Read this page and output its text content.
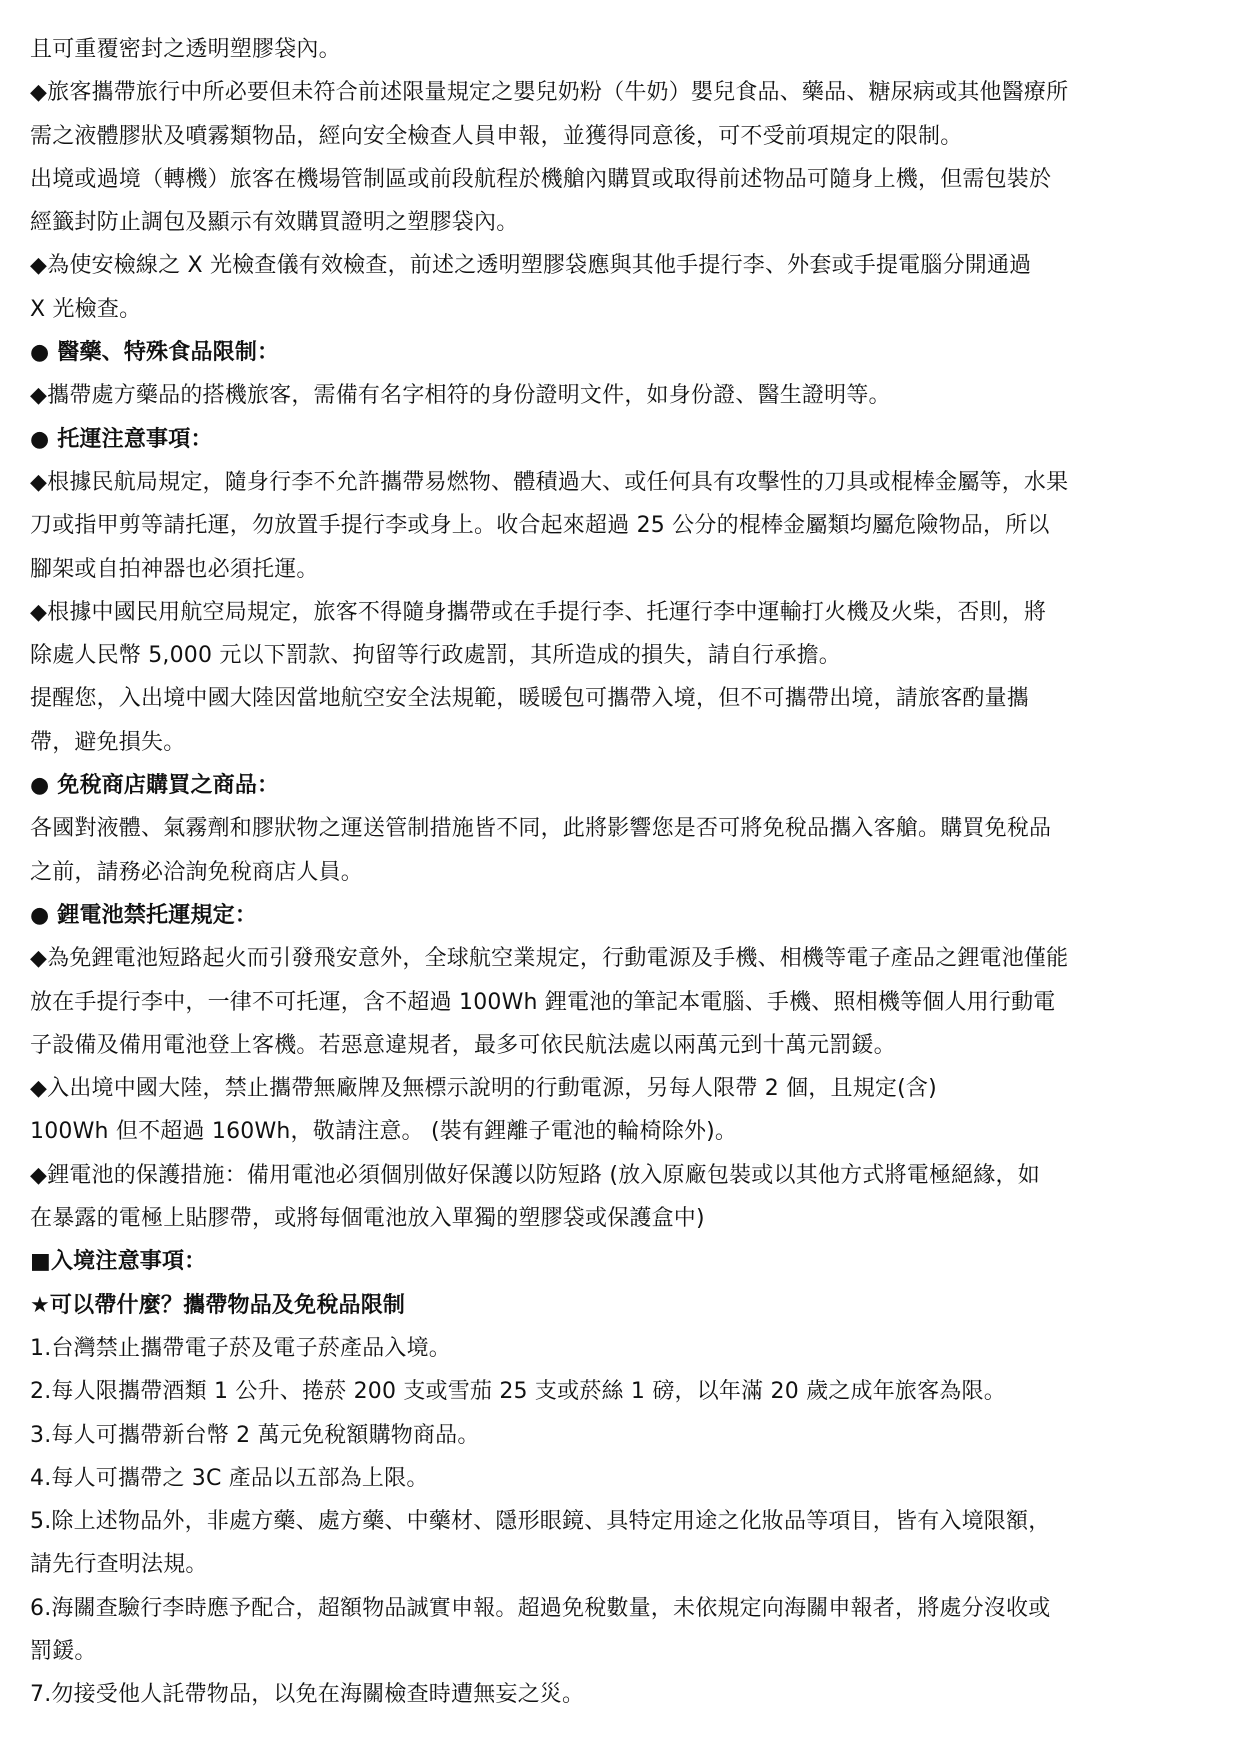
且可重覆密封之透明塑膠袋內。
◆旅客攜帶旅行中所必要但未符合前述限量規定之嬰兒奶粉（牛奶）嬰兒食品、藥品、糖尿病或其他醫療所
需之液體膠狀及噴霧類物品，經向安全檢查人員申報，並獲得同意後，可不受前項規定的限制。
出境或過境（轉機）旅客在機場管制區或前段航程於機艙內購買或取得前述物品可隨身上機，但需包裝於
經籤封防止調包及顯示有效購買證明之塑膠袋內。
◆為使安檢線之 X 光檢查儀有效檢查，前述之透明塑膠袋應與其他手提行李、外套或手提電腦分開通過
X 光檢查。
● 醫藥、特殊食品限制：
◆攜帶處方藥品的搭機旅客，需備有名字相符的身份證明文件，如身份證、醫生證明等。
● 托運注意事項：
◆根據民航局規定，隨身行李不允許攜帶易燃物、體積過大、或任何具有攻擊性的刀具或棍棒金屬等，水果
刀或指甲剪等請托運，勿放置手提行李或身上。收合起來超過 25 公分的棍棒金屬類均屬危險物品，所以
腳架或自拍神器也必須托運。
◆根據中國民用航空局規定，旅客不得隨身攜帶或在手提行李、托運行李中運輸打火機及火柴，否則，將
除處人民幣 5,000 元以下罰款、拘留等行政處罰，其所造成的損失，請自行承擔。
提醒您，入出境中國大陸因當地航空安全法規範，暖暖包可攜帶入境，但不可攜帶出境，請旅客酌量攜
帶，避免損失。
● 免稅商店購買之商品：
各國對液體、氣霧劑和膠狀物之運送管制措施皆不同，此將影響您是否可將免稅品攜入客艙。購買免稅品
之前，請務必洽詢免稅商店人員。
● 鋰電池禁托運規定：
◆為免鋰電池短路起火而引發飛安意外，全球航空業規定，行動電源及手機、相機等電子產品之鋰電池僅能
放在手提行李中，一律不可托運，含不超過 100Wh 鋰電池的筆記本電腦、手機、照相機等個人用行動電
子設備及備用電池登上客機。若惡意違規者，最多可依民航法處以兩萬元到十萬元罰鍰。
◆入出境中國大陸，禁止攜帶無廠牌及無標示說明的行動電源，另每人限帶 2 個，且規定(含)
100Wh 但不超過 160Wh，敬請注意。 (裝有鋰離子電池的輪椅除外)。
◆鋰電池的保護措施：備用電池必須個別做好保護以防短路 (放入原廠包裝或以其他方式將電極絕緣，如
在暴露的電極上貼膠帶，或將每個電池放入單獨的塑膠袋或保護盒中)
■入境注意事項：
★可以帶什麼？攜帶物品及免稅品限制
1.台灣禁止攜帶電子菸及電子菸產品入境。
2.每人限攜帶酒類 1 公升、捲菸 200 支或雪茄 25 支或菸絲 1 磅，以年滿 20 歲之成年旅客為限。
3.每人可攜帶新台幣 2 萬元免稅額購物商品。
4.每人可攜帶之 3C 產品以五部為上限。
5.除上述物品外，非處方藥、處方藥、中藥材、隱形眼鏡、具特定用途之化妝品等項目，皆有入境限額，
請先行查明法規。
6.海關查驗行李時應予配合，超額物品誠實申報。超過免稅數量，未依規定向海關申報者，將處分沒收或
罰鍰。
7.勿接受他人託帶物品，以免在海關檢查時遭無妄之災。
